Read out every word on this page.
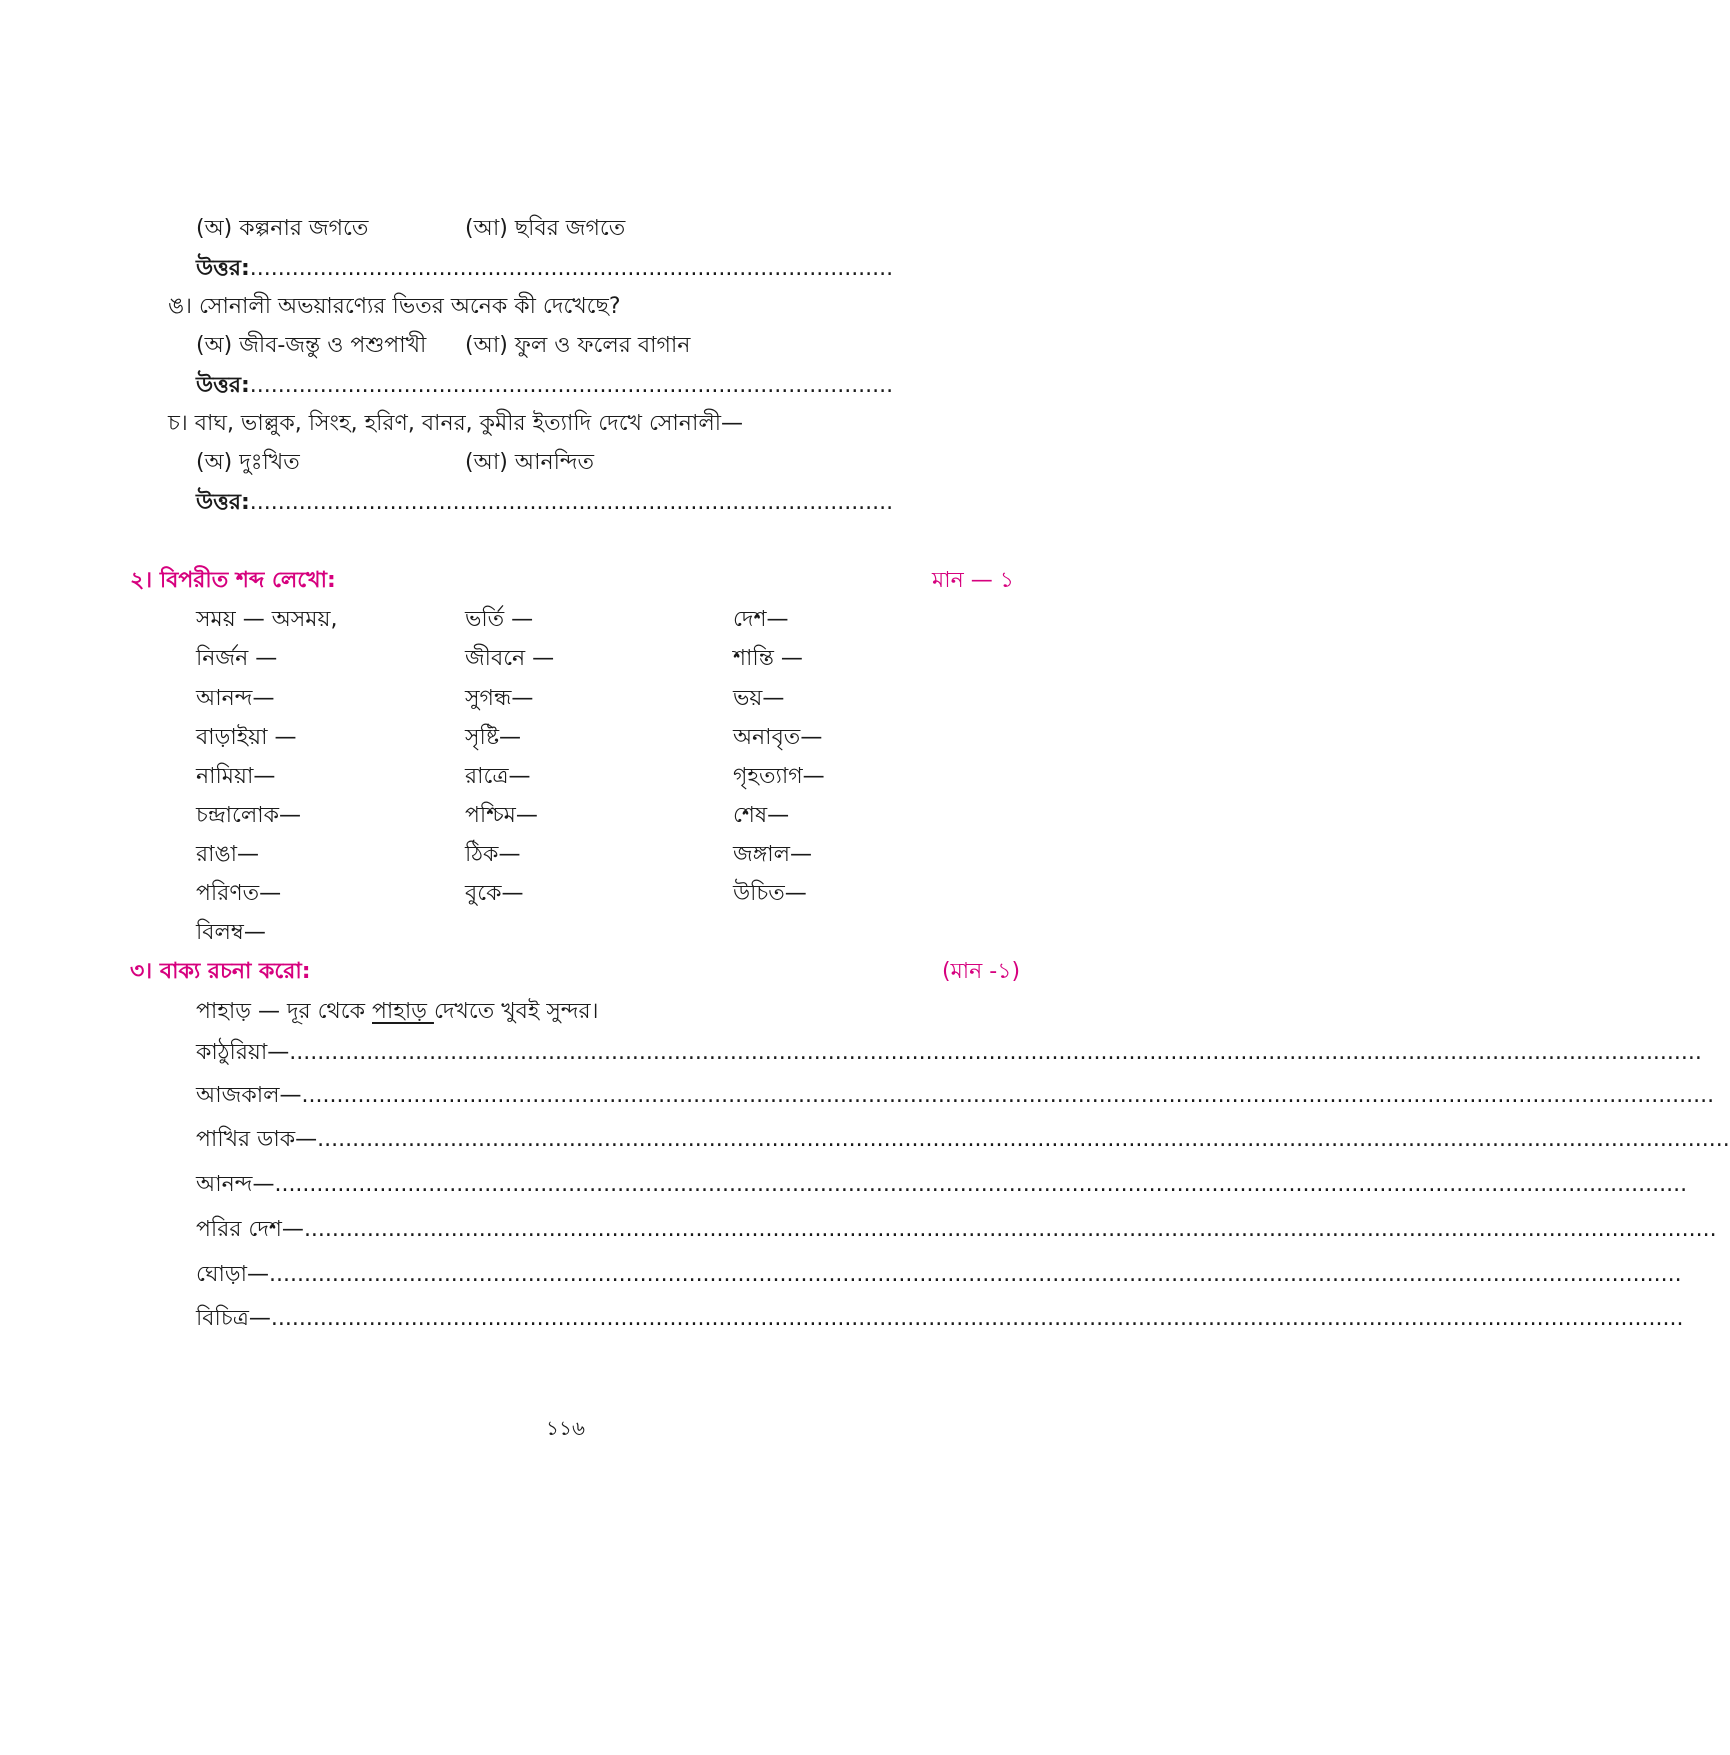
(অ) কল্পনার জগতে	(আ) ছবির জগতে
উত্তর:............................................................................................
ঙ। সোনালী অভয়ারণ্যের ভিতর অনেক কী দেখেছে?
(অ) জীব-জন্তু ও পশুপাখী (আ) ফুল ও ফলের বাগান
উত্তর:............................................................................................
চ। বাঘ, ভাল্লুক, সিংহ, হরিণ, বানর, কুমীর ইত্যাদি দেখে সোনালী—
(অ) দুঃখিত	(আ) আনন্দিত
উত্তর:............................................................................................
২। বিপরীত শব্দ লেখো:	মান — ১
সময় — অসময়,	ভর্তি —	দেশ—
নির্জন —	জীবনে —	শান্তি —
আনন্দ—	সুগন্ধ—	ভয়—
বাড়াইয়া —	সৃষ্টি—	অনাবৃত—
নামিয়া—	রাত্রে—	গৃহত্যাগ—
চন্দ্রালোক—	পশ্চিম—	শেষ—
রাঙা—	ঠিক—	জঙ্গাল—
পরিণত—	বুকে—	উচিত—
বিলম্ব—
৩। বাক্য রচনা করো:	(মান -১)
পাহাড় — দূর থেকে পাহাড় দেখতে খুবই সুন্দর।
কাঠুরিয়া—..........................................................................................................................................................................................................
আজকাল—..........................................................................................................................................................................................................
পাখির ডাক—..........................................................................................................................................................................................................
আনন্দ—..........................................................................................................................................................................................................
পরির দেশ—..........................................................................................................................................................................................................
ঘোড়া—..........................................................................................................................................................................................................
বিচিত্র—..........................................................................................................................................................................................................
১১৬
